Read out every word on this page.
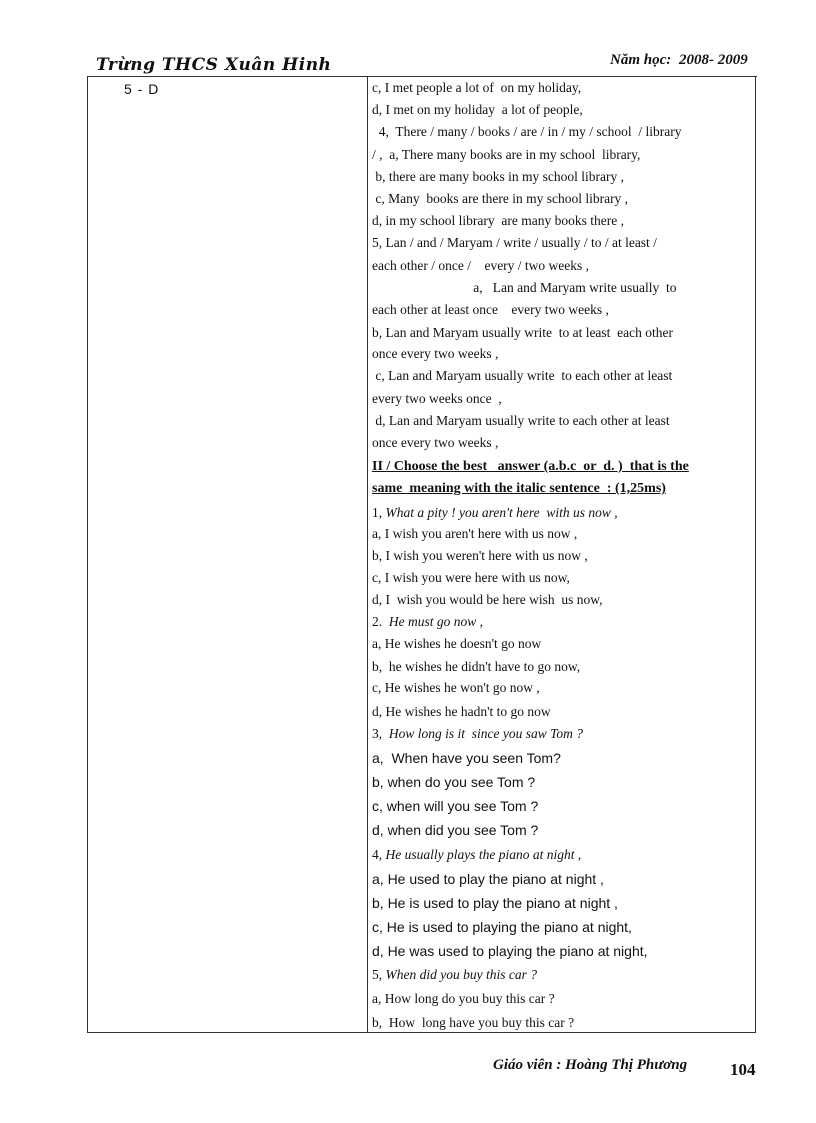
Trừng THCS Xuân Hinh	Năm học: 2008- 2009
5 - D	c, I met people a lot of  on my holiday,
d, I met on my holiday  a lot of people,
4,  There / many / books / are / in / my / school  / library
/ ,  a, There many books are in my school  library,
b, there are many books in my school library ,
c, Many  books are there in my school library ,
d, in my school library  are many books there ,
5, Lan / and / Maryam / write / usually / to / at least /
each other / once /    every / two weeks ,
a,   Lan and Maryam write usually  to
each other at least once    every two weeks ,
b, Lan and Maryam usually write  to at least  each other
once every two weeks ,
c, Lan and Maryam usually write  to each other at least
every two weeks once  ,
d, Lan and Maryam usually write to each other at least
once every two weeks ,
II / Choose the best   answer (a.b.c  or  d. )  that is the
same  meaning with the italic sentence  : (1,25ms)
1, What a pity ! you aren't here  with us now ,
a, I wish you aren't here with us now ,
b, I wish you weren't here with us now ,
c, I wish you were here with us now,
d, I  wish you would be here wish  us now,
2.  He must go now ,
a, He wishes he doesn't go now
b,  he wishes he didn't have to go now,
c, He wishes he won't go now ,
d, He wishes he hadn't to go now
3,  How long is it  since you saw Tom ?
a,  When have you seen Tom?
b, when do you see Tom ?
c, when will you see Tom ?
d, when did you see Tom ?
4, He usually plays the piano at night ,
a, He used to play the piano at night ,
b, He is used to play the piano at night ,
c, He is used to playing the piano at night,
d, He was used to playing the piano at night,
5, When did you buy this car ?
a, How long do you buy this car ?
b,  How  long have you buy this car ?
Giáo viên : Hoàng Thị Phương	104
